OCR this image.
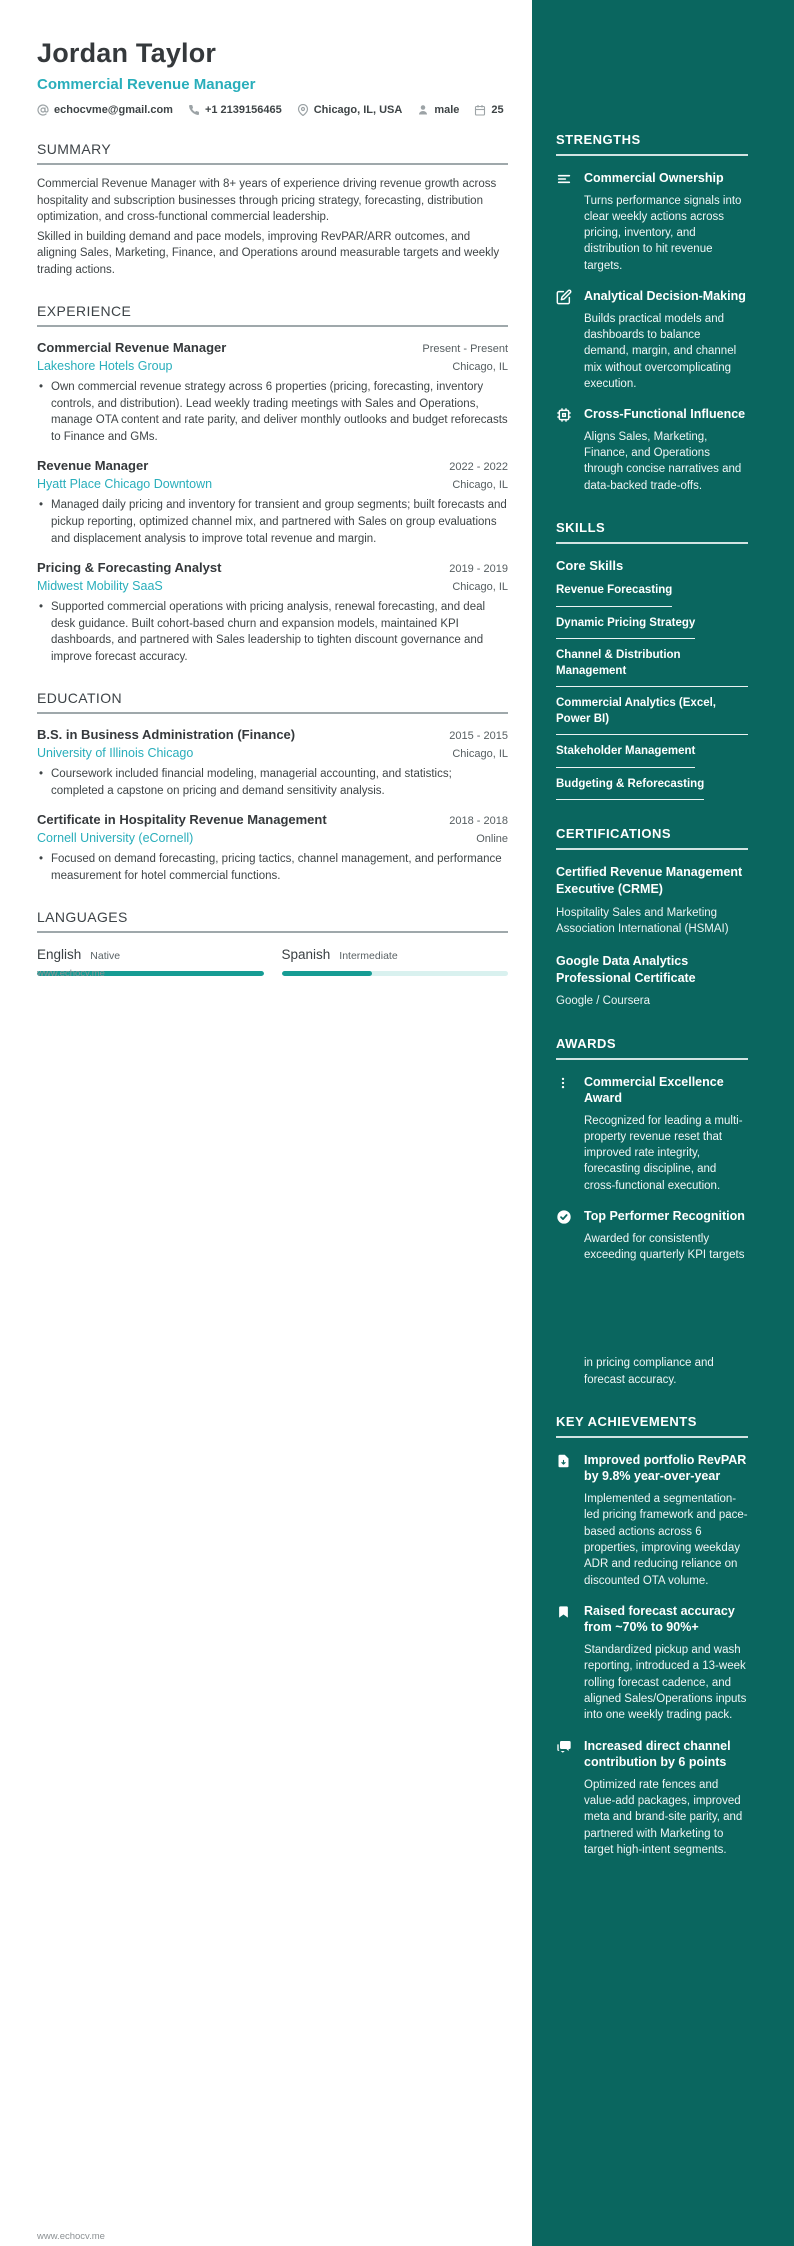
Jordan Taylor
Commercial Revenue Manager
echocvme@gmail.com	+1 2139156465	Chicago, IL, USA	male	25
SUMMARY

Commercial Revenue Manager with 8+ years of experience driving revenue growth across hospitality and subscription businesses through pricing strategy, forecasting, distribution optimization, and cross-functional commercial leadership.

Skilled in building demand and pace models, improving RevPAR/ARR outcomes, and aligning Sales, Marketing, Finance, and Operations around measurable targets and weekly trading actions.

EXPERIENCE
Commercial Revenue Manager	Present - Present
Lakeshore Hotels Group	Chicago, IL
• Own commercial revenue strategy across 6 properties (pricing, forecasting, inventory controls, and distribution). Lead weekly trading meetings with Sales and Operations, manage OTA content and rate parity, and deliver monthly outlooks and budget reforecasts to Finance and GMs.
Revenue Manager	2022 - 2022
Hyatt Place Chicago Downtown	Chicago, IL
• Managed daily pricing and inventory for transient and group segments; built forecasts and pickup reporting, optimized channel mix, and partnered with Sales on group evaluations and displacement analysis to improve total revenue and margin.
Pricing & Forecasting Analyst	2019 - 2019
Midwest Mobility SaaS	Chicago, IL
• Supported commercial operations with pricing analysis, renewal forecasting, and deal desk guidance. Built cohort-based churn and expansion models, maintained KPI dashboards, and partnered with Sales leadership to tighten discount governance and improve forecast accuracy.
EDUCATION
B.S. in Business Administration (Finance)	2015 - 2015
University of Illinois Chicago	Chicago, IL
• Coursework included financial modeling, managerial accounting, and statistics; completed a capstone on pricing and demand sensitivity analysis.
Certificate in Hospitality Revenue Management	2018 - 2018
Cornell University (eCornell)	Online
• Focused on demand forecasting, pricing tactics, channel management, and performance measurement for hotel commercial functions.
LANGUAGES
English Native	Spanish Intermediate
www.echocv.me
www.echocv.me
STRENGTHS
Commercial Ownership
Turns performance signals into clear weekly actions across pricing, inventory, and distribution to hit revenue targets.
Analytical Decision-Making
Builds practical models and dashboards to balance demand, margin, and channel mix without overcomplicating execution.
Cross-Functional Influence
Aligns Sales, Marketing, Finance, and Operations through concise narratives and data-backed trade-offs.
SKILLS
Core Skills
Revenue Forecasting
Dynamic Pricing Strategy
Channel & Distribution Management
Commercial Analytics (Excel, Power BI)
Stakeholder Management
Budgeting & Reforecasting
CERTIFICATIONS
Certified Revenue Management Executive (CRME)
Hospitality Sales and Marketing Association International (HSMAI)
Google Data Analytics Professional Certificate
Google / Coursera
AWARDS
Commercial Excellence Award
Recognized for leading a multi-property revenue reset that improved rate integrity, forecasting discipline, and cross-functional execution.
Top Performer Recognition
Awarded for consistently exceeding quarterly KPI targets
in pricing compliance and forecast accuracy.
KEY ACHIEVEMENTS
Improved portfolio RevPAR by 9.8% year-over-year
Implemented a segmentation-led pricing framework and pace-based actions across 6 properties, improving weekday ADR and reducing reliance on discounted OTA volume.
Raised forecast accuracy from ~70% to 90%+
Standardized pickup and wash reporting, introduced a 13-week rolling forecast cadence, and aligned Sales/Operations inputs into one weekly trading pack.
Increased direct channel contribution by 6 points
Optimized rate fences and value-add packages, improved meta and brand-site parity, and partnered with Marketing to target high-intent segments.
